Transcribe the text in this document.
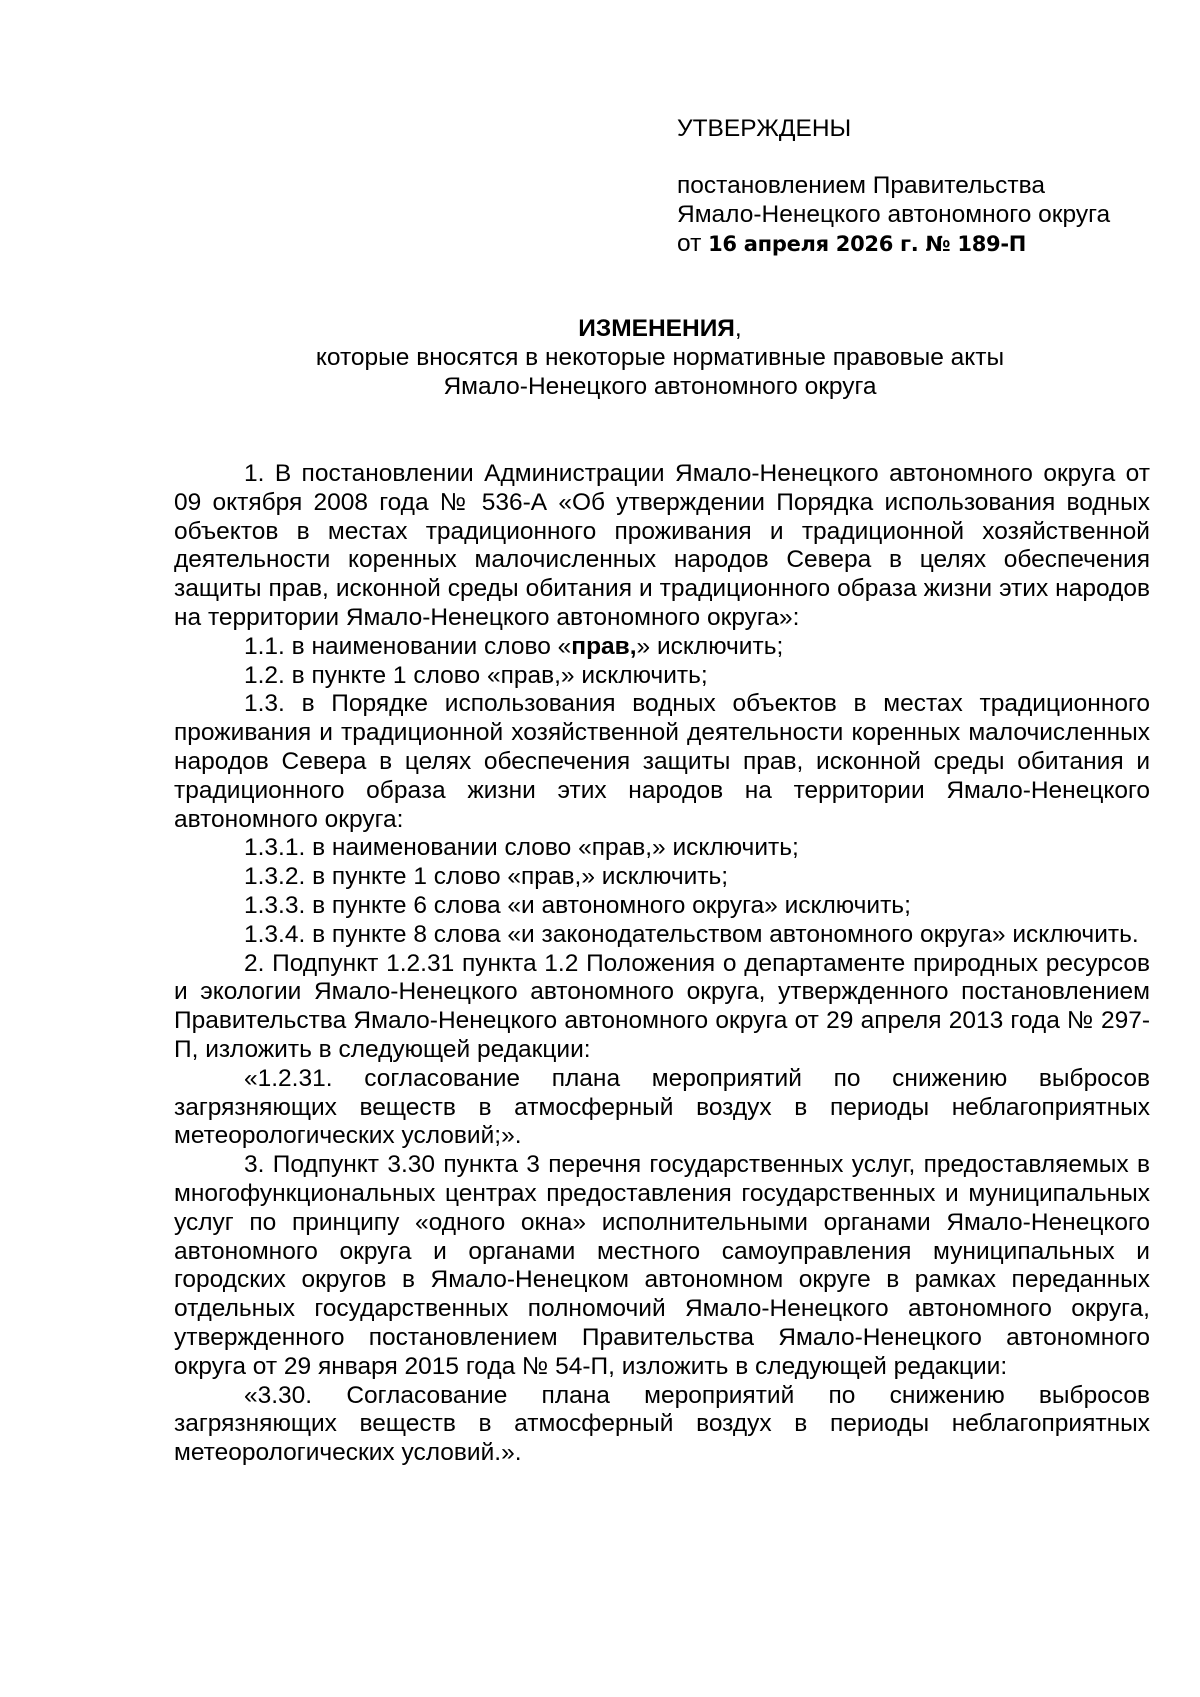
УТВЕРЖДЕНЫ
постановлением Правительства
Ямало-Ненецкого автономного округа
от 16 апреля 2026 г. № 189-П
ИЗМЕНЕНИЯ,
которые вносятся в некоторые нормативные правовые акты
Ямало-Ненецкого автономного округа

1. В постановлении Администрации Ямало-Ненецкого автономного округа от 09 октября 2008 года № 536-А «Об утверждении Порядка использования водных объектов в местах традиционного проживания и традиционной хозяйственной деятельности коренных малочисленных народов Севера в целях обеспечения защиты прав, исконной среды обитания и традиционного образа жизни этих народов на территории Ямало-Ненецкого автономного округа»:

1.1. в наименовании слово «прав,» исключить;

1.2. в пункте 1 слово «прав,» исключить;

1.3. в Порядке использования водных объектов в местах традиционного проживания и традиционной хозяйственной деятельности коренных малочисленных народов Севера в целях обеспечения защиты прав, исконной среды обитания и традиционного образа жизни этих народов на территории Ямало-Ненецкого автономного округа:

1.3.1. в наименовании слово «прав,» исключить;

1.3.2. в пункте 1 слово «прав,» исключить;

1.3.3. в пункте 6 слова «и автономного округа» исключить;

1.3.4. в пункте 8 слова «и законодательством автономного округа» исключить.

2. Подпункт 1.2.31 пункта 1.2 Положения о департаменте природных ресурсов и экологии Ямало-Ненецкого автономного округа, утвержденного постановлением Правительства Ямало-Ненецкого автономного округа от 29 апреля 2013 года № 297-П, изложить в следующей редакции:

«1.2.31. согласование плана мероприятий по снижению выбросов загрязняющих веществ в атмосферный воздух в периоды неблагоприятных метеорологических условий;».

3. Подпункт 3.30 пункта 3 перечня государственных услуг, предоставляемых в многофункциональных центрах предоставления государственных и муниципальных услуг по принципу «одного окна» исполнительными органами Ямало-Ненецкого автономного округа и органами местного самоуправления муниципальных и городских округов в Ямало-Ненецком автономном округе в рамках переданных отдельных государственных полномочий Ямало-Ненецкого автономного округа, утвержденного постановлением Правительства Ямало-Ненецкого автономного округа от 29 января 2015 года № 54-П, изложить в следующей редакции:

«3.30. Согласование плана мероприятий по снижению выбросов загрязняющих веществ в атмосферный воздух в периоды неблагоприятных метеорологических условий.».
